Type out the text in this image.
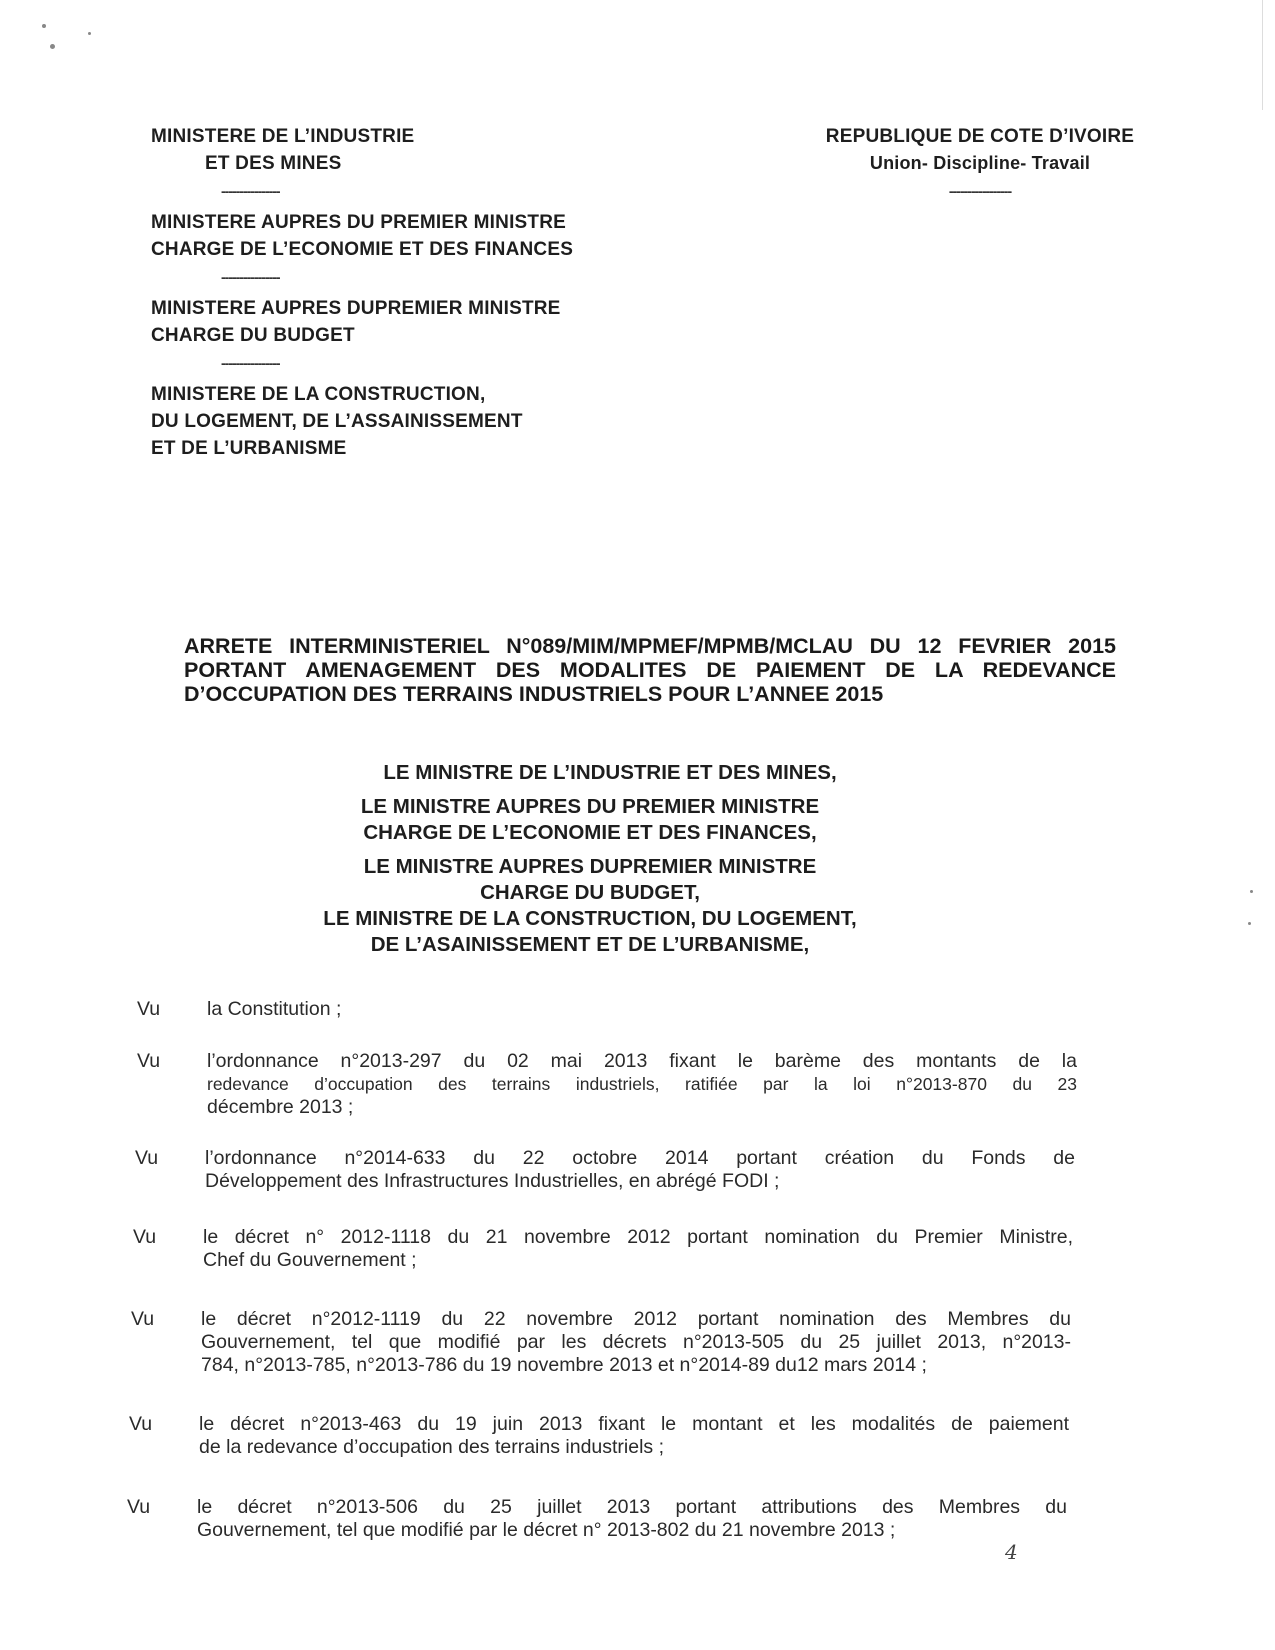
MINISTERE DE L’INDUSTRIE
ET DES MINES
----------------
MINISTERE AUPRES DU PREMIER MINISTRE
CHARGE DE L’ECONOMIE ET DES FINANCES
----------------
MINISTERE AUPRES DUPREMIER MINISTRE
CHARGE DU BUDGET
----------------
MINISTERE DE LA CONSTRUCTION,
DU LOGEMENT, DE L’ASSAINISSEMENT
ET DE L’URBANISME
REPUBLIQUE DE COTE D’IVOIRE
Union- Discipline- Travail
-----------------
ARRETE INTERMINISTERIEL N°089/MIM/MPMEF/MPMB/MCLAU DU 12 FEVRIER 2015
PORTANT AMENAGEMENT DES MODALITES DE PAIEMENT DE LA REDEVANCE
D’OCCUPATION DES TERRAINS INDUSTRIELS POUR L’ANNEE 2015
LE MINISTRE DE L’INDUSTRIE ET DES MINES,
LE MINISTRE AUPRES DU PREMIER MINISTRE
CHARGE DE L’ECONOMIE ET DES FINANCES,
LE MINISTRE AUPRES DUPREMIER MINISTRE
CHARGE DU BUDGET,
LE MINISTRE DE LA CONSTRUCTION, DU LOGEMENT,
DE L’ASAINISSEMENT ET DE L’URBANISME,
Vu la Constitution ;
Vu l’ordonnance n°2013-297 du 02 mai 2013 fixant le barème des montants de la
redevance d’occupation des terrains industriels, ratifiée par la loi n°2013-870 du 23
décembre 2013 ;
Vu l’ordonnance n°2014-633 du 22 octobre 2014 portant création du Fonds de
Développement des Infrastructures Industrielles, en abrégé FODI ;
Vu le décret n° 2012-1118 du 21 novembre 2012 portant nomination du Premier Ministre,
Chef du Gouvernement ;
Vu le décret n°2012-1119 du 22 novembre 2012 portant nomination des Membres du
Gouvernement, tel que modifié par les décrets n°2013-505 du 25 juillet 2013, n°2013-
784, n°2013-785, n°2013-786 du 19 novembre 2013 et n°2014-89 du12 mars 2014 ;
Vu le décret n°2013-463 du 19 juin 2013 fixant le montant et les modalités de paiement
de la redevance d’occupation des terrains industriels ;
Vu le décret n°2013-506 du 25 juillet 2013 portant attributions des Membres du
Gouvernement, tel que modifié par le décret n° 2013-802 du 21 novembre 2013 ;
4
